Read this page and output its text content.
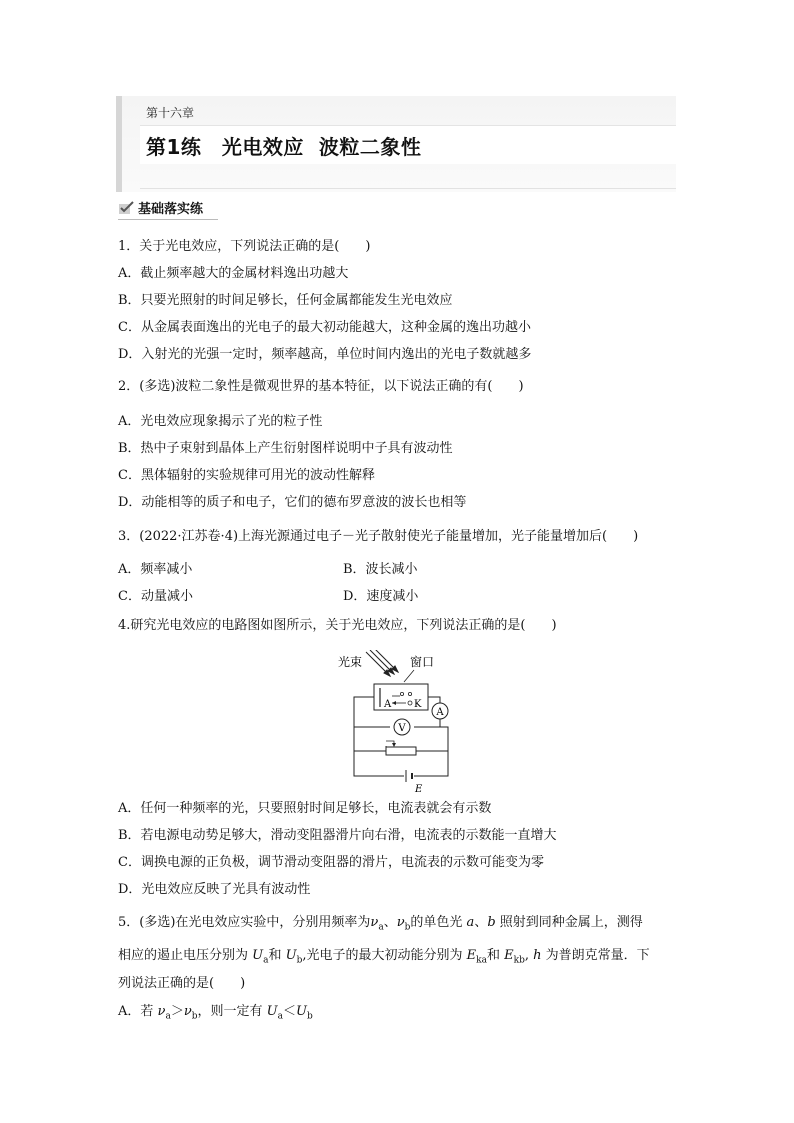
第十六章
第1练　光电效应  波粒二象性
基础落实练
1．关于光电效应，下列说法正确的是(　　)
A．截止频率越大的金属材料逸出功越大
B．只要光照射的时间足够长，任何金属都能发生光电效应
C．从金属表面逸出的光电子的最大初动能越大，这种金属的逸出功越小
D．入射光的光强一定时，频率越高，单位时间内逸出的光电子数就越多
2．(多选)波粒二象性是微观世界的基本特征，以下说法正确的有(　　)
A．光电效应现象揭示了光的粒子性
B．热中子束射到晶体上产生衍射图样说明中子具有波动性
C．黑体辐射的实验规律可用光的波动性解释
D．动能相等的质子和电子，它们的德布罗意波的波长也相等
3．(2022·江苏卷·4)上海光源通过电子－光子散射使光子能量增加，光子能量增加后(　　)
A．频率减小	B．波长减小
C．动量减小	D．速度减小
4.研究光电效应的电路图如图所示，关于光电效应，下列说法正确的是(　　)
光束	窗口
A K
A
V
E
A．任何一种频率的光，只要照射时间足够长，电流表就会有示数
B．若电源电动势足够大，滑动变阻器滑片向右滑，电流表的示数能一直增大
C．调换电源的正负极，调节滑动变阻器的滑片，电流表的示数可能变为零
D．光电效应反映了光具有波动性
5．(多选)在光电效应实验中，分别用频率为$\nu_a$、$\nu_b$的单色光 a、b 照射到同种金属上，测得
相应的遏止电压分别为 $U_a$和 $U_b$,光电子的最大初动能分别为 $E_{ka}$和 $E_{kb}$, h 为普朗克常量．下
列说法正确的是(　　)
A．若 $\nu_a>\nu_b$，则一定有 $U_a<U_b$
